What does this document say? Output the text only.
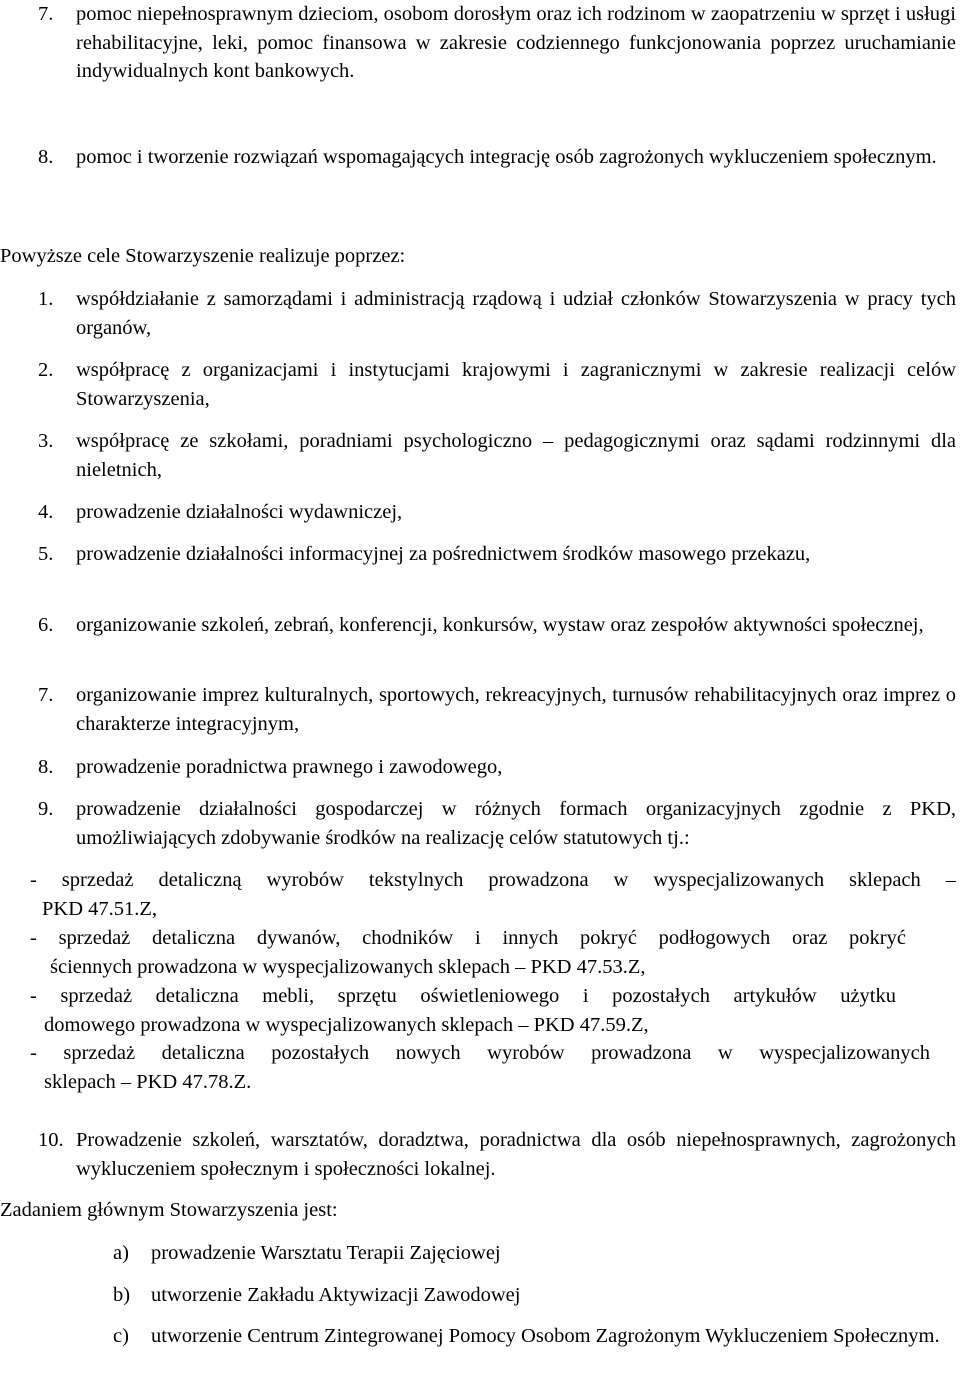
7.	pomoc niepełnosprawnym dzieciom, osobom dorosłym oraz ich rodzinom w zaopatrzeniu w sprzęt i usługi rehabilitacyjne, leki, pomoc finansowa w zakresie codziennego funkcjonowania poprzez uruchamianie indywidualnych kont bankowych.
8.	pomoc i tworzenie rozwiązań wspomagających integrację osób zagrożonych wykluczeniem społecznym.
Powyższe cele Stowarzyszenie realizuje poprzez:
1.	współdziałanie z samorządami i administracją rządową i udział członków Stowarzyszenia w pracy tych organów,
2.	współpracę z organizacjami i instytucjami krajowymi i zagranicznymi w zakresie realizacji celów Stowarzyszenia,
3.	współpracę ze szkołami, poradniami psychologiczno – pedagogicznymi oraz sądami rodzinnymi dla nieletnich,
4.	prowadzenie działalności wydawniczej,
5.	prowadzenie działalności informacyjnej za pośrednictwem środków masowego przekazu,
6.	organizowanie szkoleń, zebrań, konferencji, konkursów, wystaw oraz zespołów aktywności społecznej,
7.	organizowanie imprez kulturalnych, sportowych, rekreacyjnych, turnusów rehabilitacyjnych oraz imprez o charakterze integracyjnym,
8.	prowadzenie poradnictwa prawnego i zawodowego,
9.	prowadzenie działalności gospodarczej w różnych formach organizacyjnych zgodnie z PKD, umożliwiających zdobywanie środków na realizację celów statutowych tj.:
- sprzedaż detaliczną wyrobów tekstylnych prowadzona w wyspecjalizowanych sklepach –
PKD 47.51.Z,
- sprzedaż detaliczna dywanów, chodników i innych pokryć podłogowych oraz pokryć
ściennych prowadzona w wyspecjalizowanych sklepach – PKD 47.53.Z,
- sprzedaż detaliczna mebli, sprzętu oświetleniowego i pozostałych artykułów użytku
domowego prowadzona w wyspecjalizowanych sklepach – PKD 47.59.Z,
- sprzedaż detaliczna pozostałych nowych wyrobów prowadzona w wyspecjalizowanych
sklepach – PKD 47.78.Z.
10. Prowadzenie szkoleń, warsztatów, doradztwa, poradnictwa dla osób niepełnosprawnych, zagrożonych wykluczeniem społecznym i społeczności lokalnej.
Zadaniem głównym Stowarzyszenia jest:
a)	prowadzenie Warsztatu Terapii Zajęciowej
b)	utworzenie Zakładu Aktywizacji Zawodowej
c)	utworzenie Centrum Zintegrowanej Pomocy Osobom Zagrożonym Wykluczeniem Społecznym.
